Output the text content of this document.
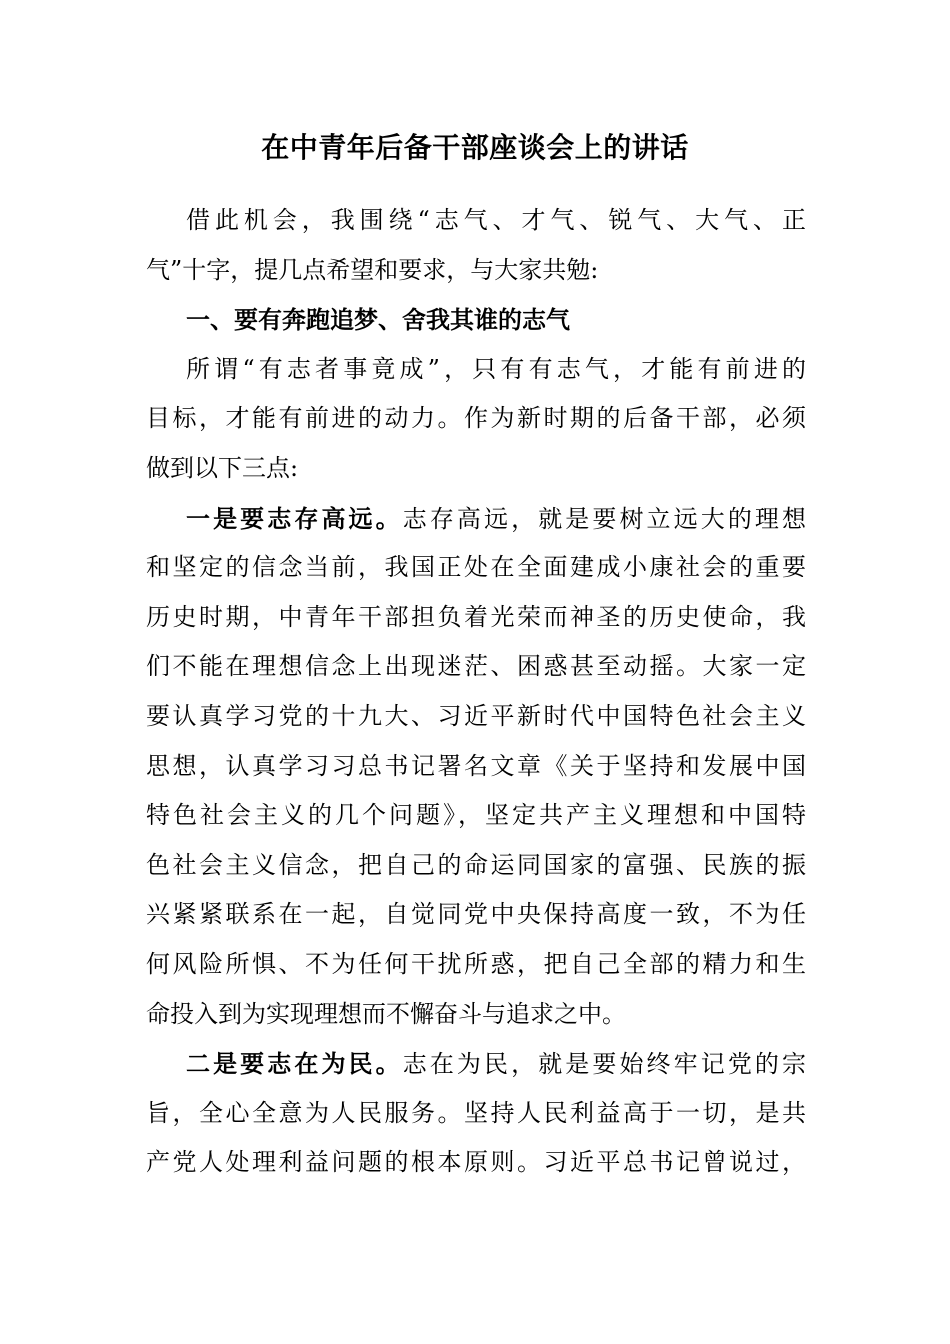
在中青年后备干部座谈会上的讲话
借此机会，我围绕“志气、才气、锐气、大气、正
气”十字，提几点希望和要求，与大家共勉:
一、要有奔跑追梦、舍我其谁的志气
所谓“有志者事竟成”，只有有志气，才能有前进的
目标，才能有前进的动力。作为新时期的后备干部，必须
做到以下三点:
一是要志存高远。志存高远，就是要树立远大的理想
和坚定的信念当前，我国正处在全面建成小康社会的重要
历史时期，中青年干部担负着光荣而神圣的历史使命，我
们不能在理想信念上出现迷茫、困惑甚至动摇。大家一定
要认真学习党的十九大、习近平新时代中国特色社会主义
思想，认真学习习总书记署名文章《关于坚持和发展中国
特色社会主义的几个问题》，坚定共产主义理想和中国特
色社会主义信念，把自己的命运同国家的富强、民族的振
兴紧紧联系在一起，自觉同党中央保持高度一致，不为任
何风险所惧、不为任何干扰所惑，把自己全部的精力和生
命投入到为实现理想而不懈奋斗与追求之中。
二是要志在为民。志在为民，就是要始终牢记党的宗
旨，全心全意为人民服务。坚持人民利益高于一切，是共
产党人处理利益问题的根本原则。习近平总书记曾说过，
